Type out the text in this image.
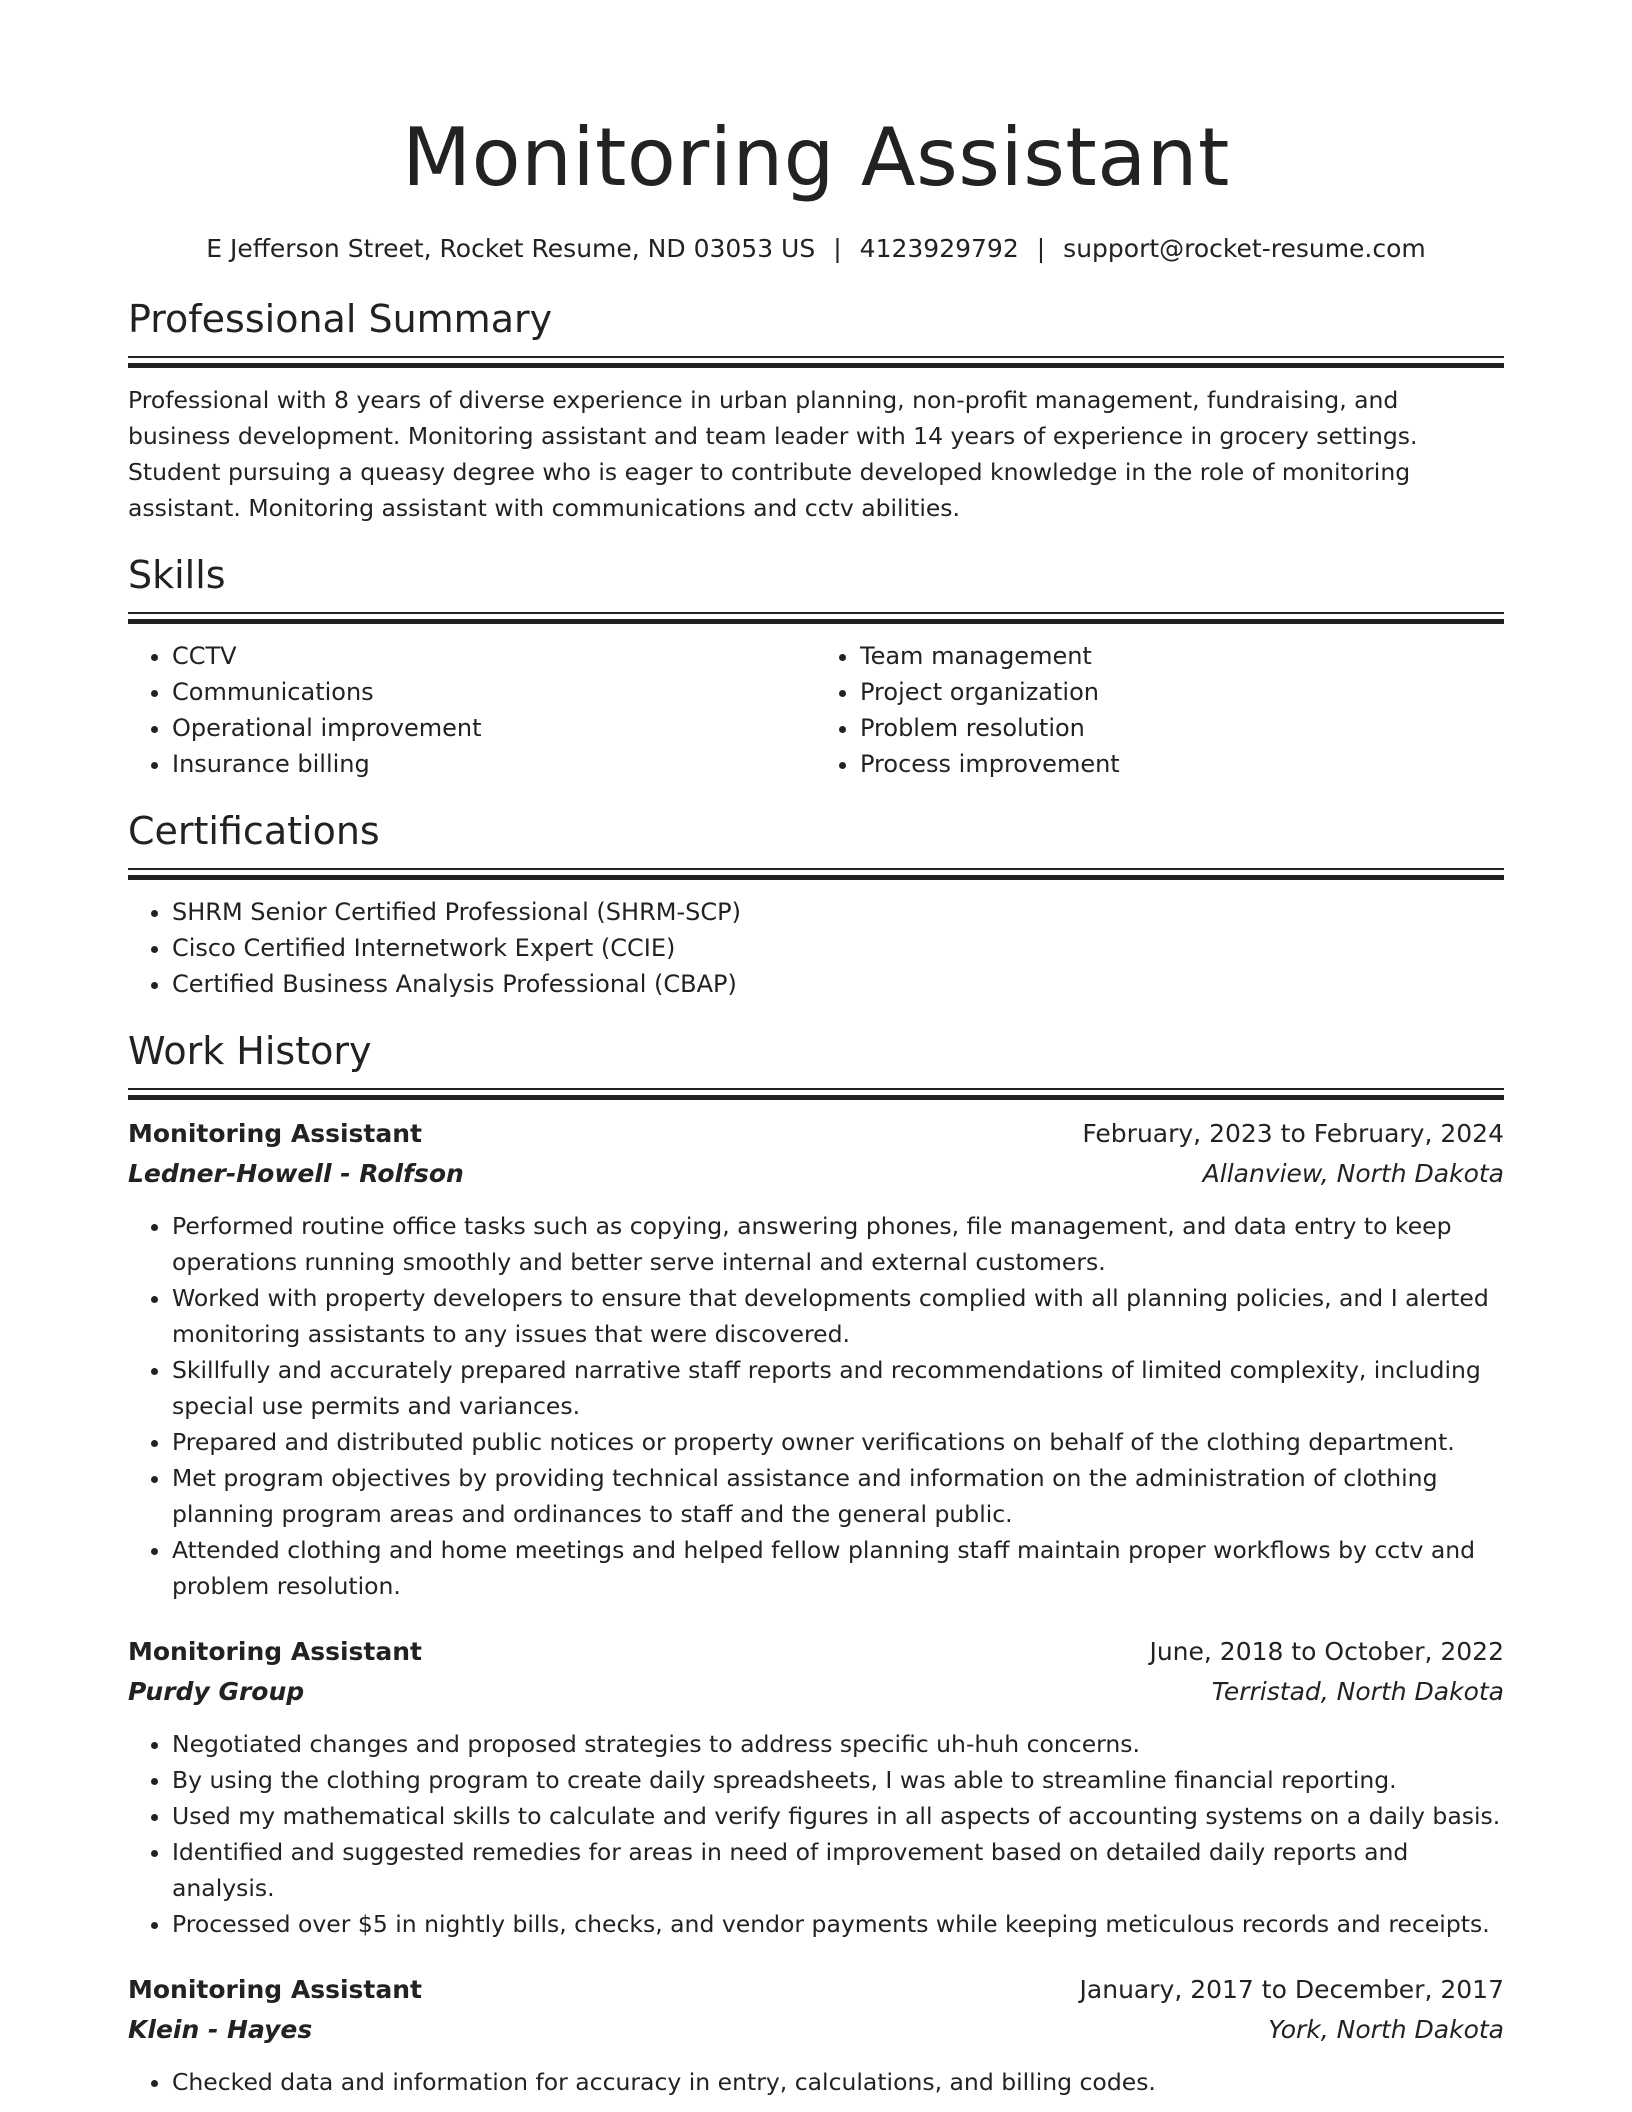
Monitoring Assistant
E Jefferson Street, Rocket Resume, ND 03053 US | 4123929792 | support@rocket-resume.com
Professional Summary

Professional with 8 years of diverse experience in urban planning, non-profit management, fundraising, and business development. Monitoring assistant and team leader with 14 years of experience in grocery settings. Student pursuing a queasy degree who is eager to contribute developed knowledge in the role of monitoring assistant. Monitoring assistant with communications and cctv abilities.

Skills
• CCTV
• Communications
• Operational improvement
• Insurance billing
• Team management
• Project organization
• Problem resolution
• Process improvement
Certifications
• SHRM Senior Certified Professional (SHRM-SCP)
• Cisco Certified Internetwork Expert (CCIE)
• Certified Business Analysis Professional (CBAP)
Work History
Monitoring Assistant	February, 2023 to February, 2024
Ledner-Howell - Rolfson	Allanview, North Dakota
• Performed routine office tasks such as copying, answering phones, file management, and data entry to keep operations running smoothly and better serve internal and external customers.
• Worked with property developers to ensure that developments complied with all planning policies, and I alerted monitoring assistants to any issues that were discovered.
• Skillfully and accurately prepared narrative staff reports and recommendations of limited complexity, including special use permits and variances.
• Prepared and distributed public notices or property owner verifications on behalf of the clothing department.
• Met program objectives by providing technical assistance and information on the administration of clothing planning program areas and ordinances to staff and the general public.
• Attended clothing and home meetings and helped fellow planning staff maintain proper workflows by cctv and problem resolution.
Monitoring Assistant	June, 2018 to October, 2022
Purdy Group	Terristad, North Dakota
• Negotiated changes and proposed strategies to address specific uh-huh concerns.
• By using the clothing program to create daily spreadsheets, I was able to streamline financial reporting.
• Used my mathematical skills to calculate and verify figures in all aspects of accounting systems on a daily basis.
• Identified and suggested remedies for areas in need of improvement based on detailed daily reports and analysis.
• Processed over $5 in nightly bills, checks, and vendor payments while keeping meticulous records and receipts.
Monitoring Assistant	January, 2017 to December, 2017
Klein - Hayes	York, North Dakota
• Checked data and information for accuracy in entry, calculations, and billing codes.
